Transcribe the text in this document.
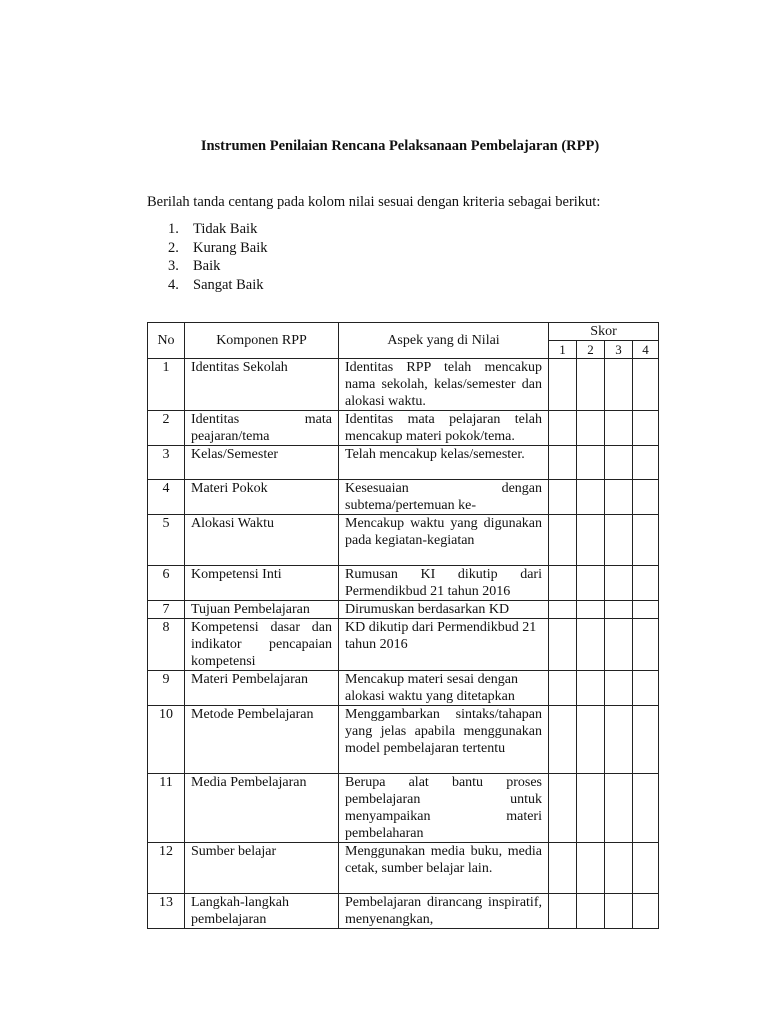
Instrumen Penilaian Rencana Pelaksanaan Pembelajaran (RPP)
Berilah tanda centang pada kolom nilai sesuai dengan kriteria sebagai berikut:
1. Tidak Baik
2. Kurang Baik
3. Baik
4. Sangat Baik
No	Komponen RPP	Aspek yang di Nilai	Skor			
			1	2	3	4
1	Identitas Sekolah	Identitas RPP telah mencakup nama sekolah, kelas/semester dan alokasi waktu.				
2	Identitas mata peajaran/tema	Identitas mata pelajaran telah mencakup materi pokok/tema.				
3	Kelas/Semester	Telah mencakup kelas/semester.				
4	Materi Pokok	Kesesuaian dengan subtema/pertemuan ke-				
5	Alokasi Waktu	Mencakup waktu yang digunakan pada kegiatan-kegiatan				
6	Kompetensi Inti	Rumusan KI dikutip dari Permendikbud 21 tahun 2016				
7	Tujuan Pembelajaran	Dirumuskan berdasarkan KD				
8	Kompetensi dasar dan indikator pencapaian kompetensi	KD dikutip dari Permendikbud 21 tahun 2016				
9	Materi Pembelajaran	Mencakup materi sesai dengan alokasi waktu yang ditetapkan				
10	Metode Pembelajaran	Menggambarkan sintaks/tahapan yang jelas apabila menggunakan model pembelajaran tertentu				
11	Media Pembelajaran	Berupa alat bantu proses pembelajaran untuk menyampaikan materi pembelaharan				
12	Sumber belajar	Menggunakan media buku, media cetak, sumber belajar lain.				
13	Langkah-langkah pembelajaran	Pembelajaran dirancang inspiratif, menyenangkan,				
